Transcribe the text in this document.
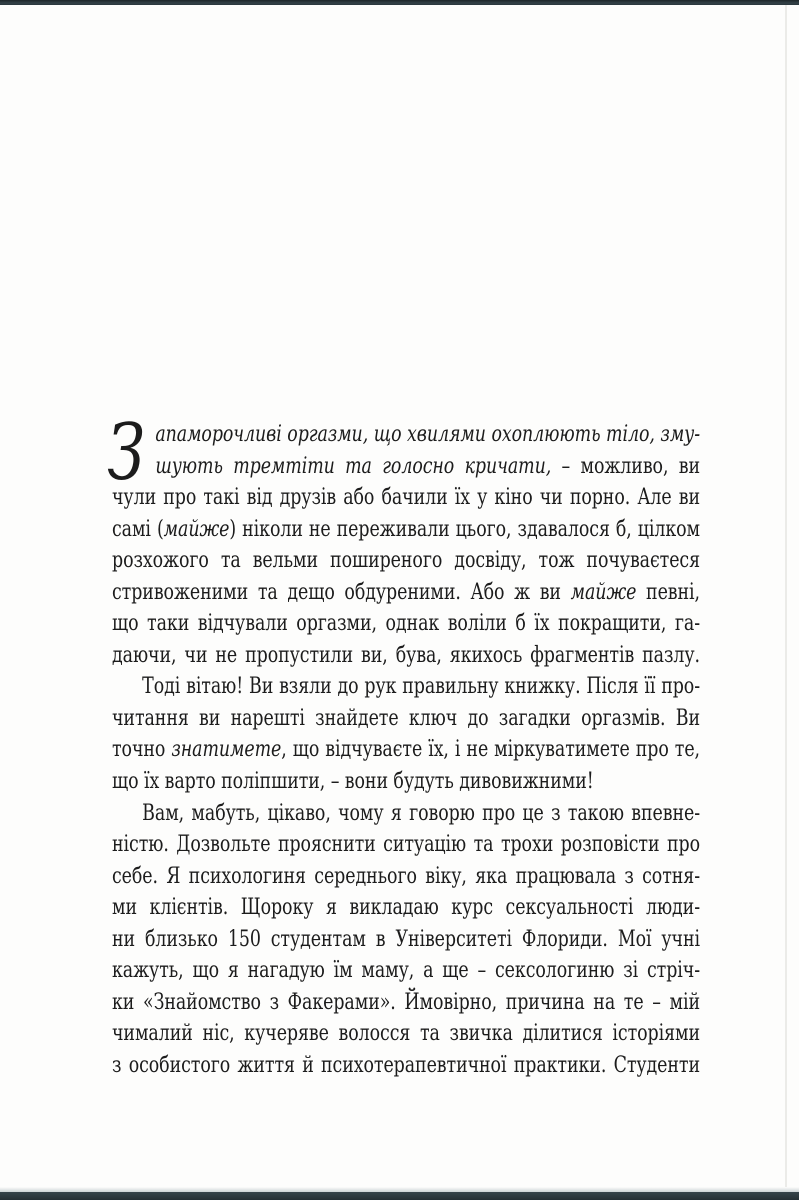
З апаморочливі оргазми, що хвилями охоплюють тіло, зму-
шують тремтіти та голосно кричати, – можливо, ви
чули про такі від друзів або бачили їх у кіно чи порно. Але ви
самі (майже) ніколи не переживали цього, здавалося б, цілком
розхожого та вельми поширеного досвіду, тож почуваєтеся
стривоженими та дещо обдуреними. Або ж ви майже певні,
що таки відчували оргазми, однак воліли б їх покращити, га-
даючи, чи не пропустили ви, бува, якихось фрагментів пазлу.
Тоді вітаю! Ви взяли до рук правильну книжку. Після її про-
читання ви нарешті знайдете ключ до загадки оргазмів. Ви
точно знатимете, що відчуваєте їх, і не міркуватимете про те,
що їх варто поліпшити, – вони будуть дивовижними!
Вам, мабуть, цікаво, чому я говорю про це з такою впевне-
ністю. Дозвольте прояснити ситуацію та трохи розповісти про
себе. Я психологиня середнього віку, яка працювала з сотня-
ми клієнтів. Щороку я викладаю курс сексуальності люди-
ни близько 150 студентам в Університеті Флориди. Мої учні
кажуть, що я нагадую їм маму, а ще – сексологиню зі стріч-
ки «Знайомство з Факерами». Ймовірно, причина на те – мій
чималий ніс, кучеряве волосся та звичка ділитися історіями
з особистого життя й психотерапевтичної практики. Студенти
